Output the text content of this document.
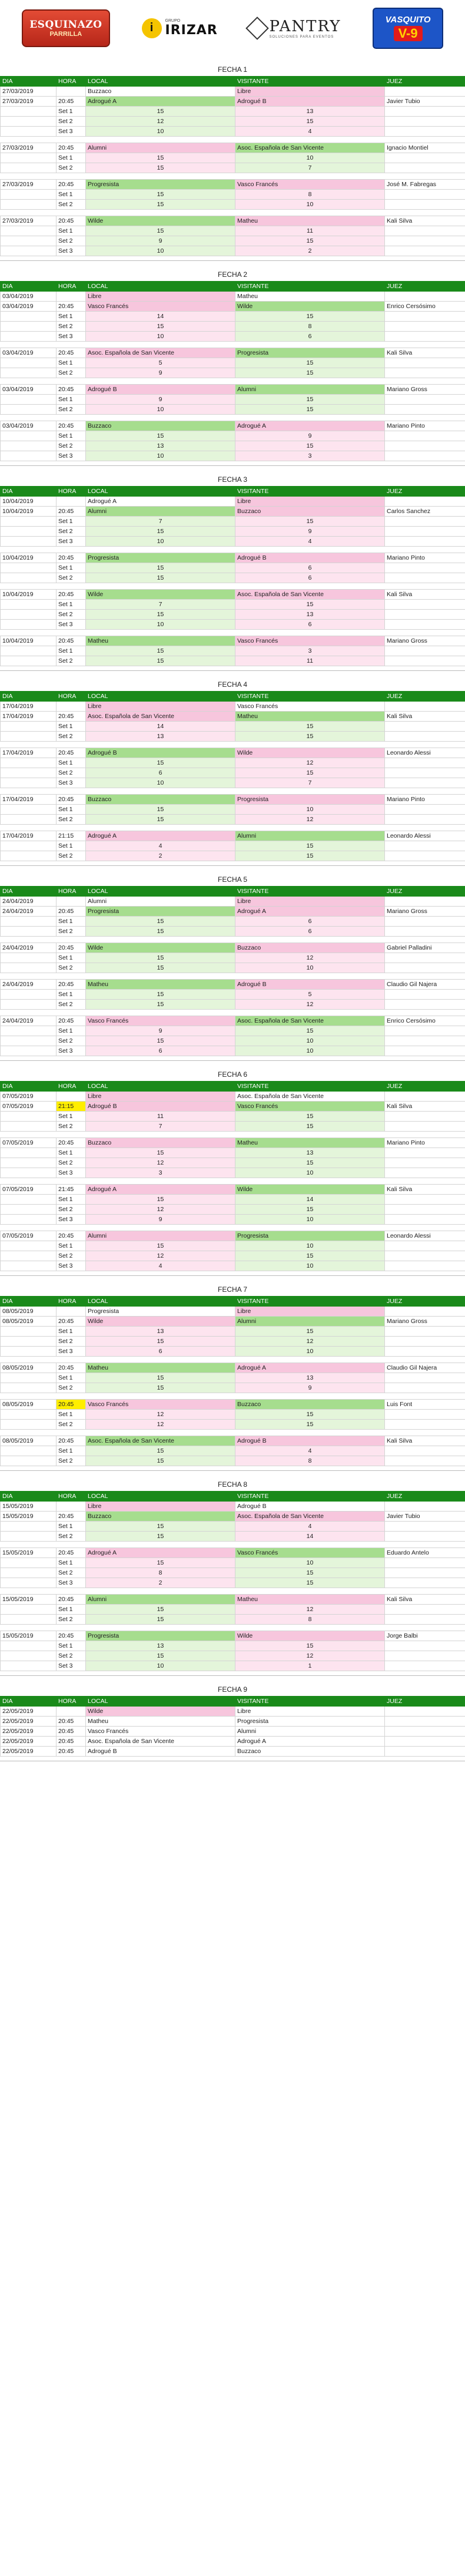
ESQUINAZO
PARRILLA	i
GRUPO
IRIZAR	PANTRY
SOLUCIONES PARA EVENTOS
VASQUITO
V-9
FECHA 1
DIA	HORA	LOCAL	VISITANTE	JUEZ
27/03/2019		Buzzaco	Libre	
27/03/2019	20:45	Adrogué A	Adrogué B	Javier Tubio
	Set 1	15	13	
	Set 2	12	15	
	Set 3	10	4	

27/03/2019	20:45	Alumni	Asoc. Española de San Vicente	Ignacio Montiel
	Set 1	15	10	
	Set 2	15	7	

27/03/2019	20:45	Progresista	Vasco Francés	José M. Fabregas
	Set 1	15	8	
	Set 2	15	10	

27/03/2019	20:45	Wilde	Matheu	Kali Silva
	Set 1	15	11	
	Set 2	9	15	
	Set 3	10	2	
FECHA 2
DIA	HORA	LOCAL	VISITANTE	JUEZ
03/04/2019		Libre	Matheu	
03/04/2019	20:45	Vasco Francés	Wilde	Enrico Cersósimo
	Set 1	14	15	
	Set 2	15	8	
	Set 3	10	6	

03/04/2019	20:45	Asoc. Española de San Vicente	Progresista	Kali Silva
	Set 1	5	15	
	Set 2	9	15	

03/04/2019	20:45	Adrogué B	Alumni	Mariano Gross
	Set 1	9	15	
	Set 2	10	15	

03/04/2019	20:45	Buzzaco	Adrogué A	Mariano Pinto
	Set 1	15	9	
	Set 2	13	15	
	Set 3	10	3	
FECHA 3
DIA	HORA	LOCAL	VISITANTE	JUEZ
10/04/2019		Adrogué A	Libre	
10/04/2019	20:45	Alumni	Buzzaco	Carlos Sanchez
	Set 1	7	15	
	Set 2	15	9	
	Set 3	10	4	

10/04/2019	20:45	Progresista	Adrogué B	Mariano Pinto
	Set 1	15	6	
	Set 2	15	6	

10/04/2019	20:45	Wilde	Asoc. Española de San Vicente	Kali Silva
	Set 1	7	15	
	Set 2	15	13	
	Set 3	10	6	

10/04/2019	20:45	Matheu	Vasco Francés	Mariano Gross
	Set 1	15	3	
	Set 2	15	11	
FECHA 4
DIA	HORA	LOCAL	VISITANTE	JUEZ
17/04/2019		Libre	Vasco Francés	
17/04/2019	20:45	Asoc. Española de San Vicente	Matheu	Kali Silva
	Set 1	14	15	
	Set 2	13	15	

17/04/2019	20:45	Adrogué B	Wilde	Leonardo Alessi
	Set 1	15	12	
	Set 2	6	15	
	Set 3	10	7	

17/04/2019	20:45	Buzzaco	Progresista	Mariano Pinto
	Set 1	15	10	
	Set 2	15	12	

17/04/2019	21:15	Adrogué A	Alumni	Leonardo Alessi
	Set 1	4	15	
	Set 2	2	15	
FECHA 5
DIA	HORA	LOCAL	VISITANTE	JUEZ
24/04/2019		Alumni	Libre	
24/04/2019	20:45	Progresista	Adrogué A	Mariano Gross
	Set 1	15	6	
	Set 2	15	6	

24/04/2019	20:45	Wilde	Buzzaco	Gabriel Palladini
	Set 1	15	12	
	Set 2	15	10	

24/04/2019	20:45	Matheu	Adrogué B	Claudio Gil Najera
	Set 1	15	5	
	Set 2	15	12	

24/04/2019	20:45	Vasco Francés	Asoc. Española de San Vicente	Enrico Cersósimo
	Set 1	9	15	
	Set 2	15	10	
	Set 3	6	10	
FECHA 6
DIA	HORA	LOCAL	VISITANTE	JUEZ
07/05/2019		Libre	Asoc. Española de San Vicente	
07/05/2019	21:15	Adrogué B	Vasco Francés	Kali Silva
	Set 1	11	15	
	Set 2	7	15	

07/05/2019	20:45	Buzzaco	Matheu	Mariano Pinto
	Set 1	15	13	
	Set 2	12	15	
	Set 3	3	10	

07/05/2019	21:45	Adrogué A	Wilde	Kali Silva
	Set 1	15	14	
	Set 2	12	15	
	Set 3	9	10	

07/05/2019	20:45	Alumni	Progresista	Leonardo Alessi
	Set 1	15	10	
	Set 2	12	15	
	Set 3	4	10	
FECHA 7
DIA	HORA	LOCAL	VISITANTE	JUEZ
08/05/2019		Progresista	Libre	
08/05/2019	20:45	Wilde	Alumni	Mariano Gross
	Set 1	13	15	
	Set 2	15	12	
	Set 3	6	10	

08/05/2019	20:45	Matheu	Adrogué A	Claudio Gil Najera
	Set 1	15	13	
	Set 2	15	9	

08/05/2019	20:45	Vasco Francés	Buzzaco	Luis Font
	Set 1	12	15	
	Set 2	12	15	

08/05/2019	20:45	Asoc. Española de San Vicente	Adrogué B	Kali Silva
	Set 1	15	4	
	Set 2	15	8	
FECHA 8
DIA	HORA	LOCAL	VISITANTE	JUEZ
15/05/2019		Libre	Adrogué B	
15/05/2019	20:45	Buzzaco	Asoc. Española de San Vicente	Javier Tubio
	Set 1	15	4	
	Set 2	15	14	

15/05/2019	20:45	Adrogué A	Vasco Francés	Eduardo Antelo
	Set 1	15	10	
	Set 2	8	15	
	Set 3	2	15	

15/05/2019	20:45	Alumni	Matheu	Kali Silva
	Set 1	15	12	
	Set 2	15	8	

15/05/2019	20:45	Progresista	Wilde	Jorge Balbi
	Set 1	13	15	
	Set 2	15	12	
	Set 3	10	1	
FECHA 9
DIA	HORA	LOCAL	VISITANTE	JUEZ
22/05/2019		Wilde	Libre	
22/05/2019	20:45	Matheu	Progresista	
22/05/2019	20:45	Vasco Francés	Alumni	
22/05/2019	20:45	Asoc. Española de San Vicente	Adrogué A	
22/05/2019	20:45	Adrogué B	Buzzaco	
